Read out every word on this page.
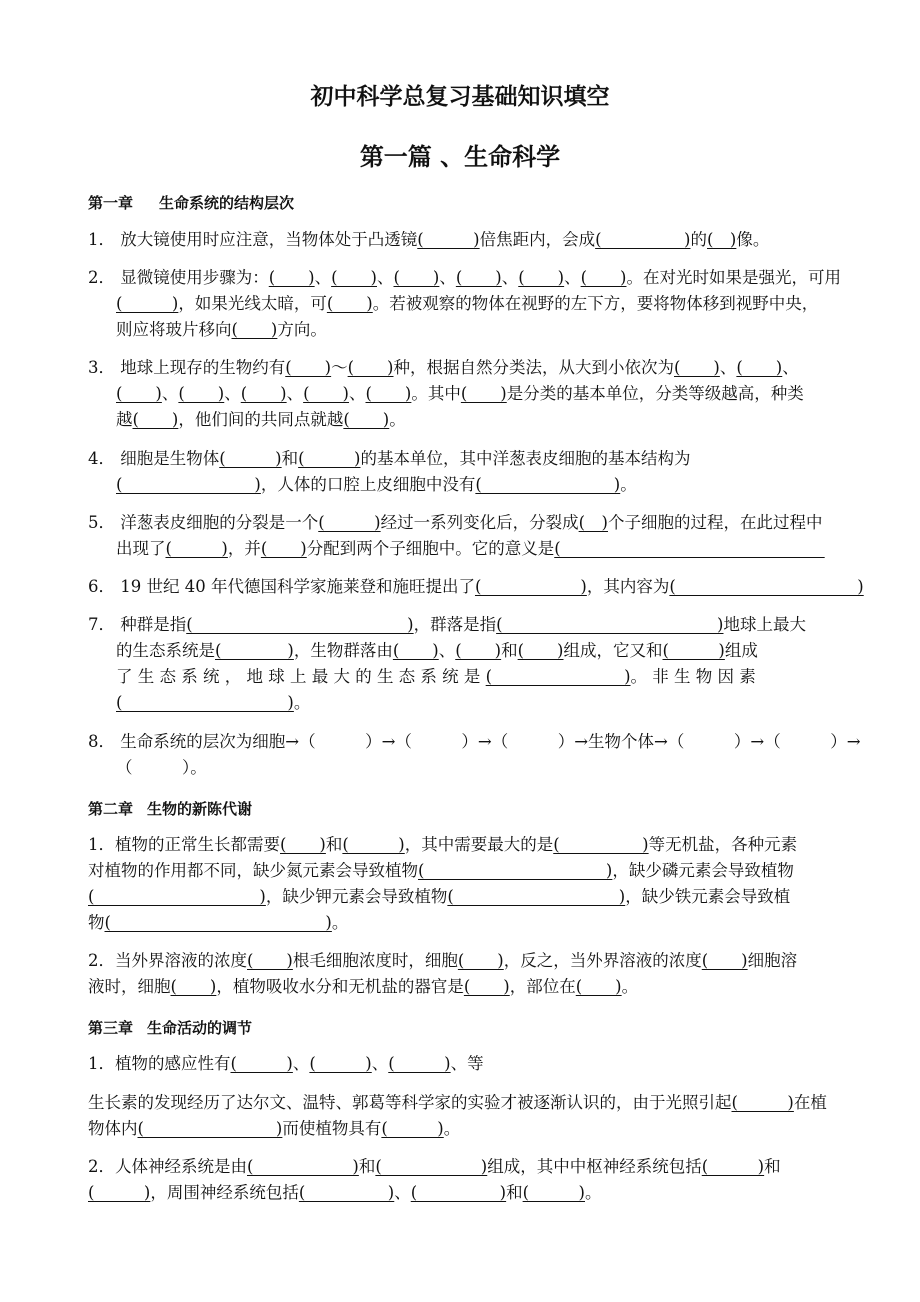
初中科学总复习基础知识填空
第一篇 、生命科学
第一章 生命系统的结构层次
1． 放大镜使用时应注意，当物体处于凸透镜(　　　)倍焦距内，会成(　　　　　)的(　)像。
2． 显微镜使用步骤为：(　　)、(　　)、(　　)、(　　)、(　　)、(　　)。在对光时如果是强光，可用
(　　　)，如果光线太暗，可(　　)。若被观察的物体在视野的左下方，要将物体移到视野中央，
则应将玻片移向(　　)方向。
3． 地球上现存的生物约有(　　)～(　　)种，根据自然分类法，从大到小依次为(　　)、(　　)、
(　　)、(　　)、(　　)、(　　)、(　　)。其中(　　)是分类的基本单位，分类等级越高，种类
越(　　)，他们间的共同点就越(　　)。
4． 细胞是生物体(　　　)和(　　　)的基本单位，其中洋葱表皮细胞的基本结构为
(　　　　　　　　)，人体的口腔上皮细胞中没有(　　　　　　　　)。
5． 洋葱表皮细胞的分裂是一个(　　　)经过一系列变化后，分裂成(　)个子细胞的过程，在此过程中
出现了(　　　)，并(　　)分配到两个子细胞中。它的意义是(　　　　　　　　　　　　　　　　
6． 19 世纪 40 年代德国科学家施莱登和施旺提出了(　　　　　　)，其内容为(　　　　　　　　　　　)
7． 种群是指(　　　　　　　　　　　　　)，群落是指(　　　　　　　　　　　　　)地球上最大
的生态系统是(　　　　)，生物群落由(　　)、(　　)和(　　)组成，它又和(　　　)组成
了 生 态 系 统 ， 地 球 上 最 大 的 生 态 系 统 是 (　　　　　　　　)。 非 生 物 因 素
(　　　　　　　　　　)。
8． 生命系统的层次为细胞→（　　　）→（　　　）→（　　　）→生物个体→（　　　）→（　　　）→
（　　　）。
第二章 生物的新陈代谢
1．植物的正常生长都需要(　　)和(　　　)，其中需要最大的是(　　　　　)等无机盐，各种元素
对植物的作用都不同，缺少氮元素会导致植物(　　　　　　　　　　　)，缺少磷元素会导致植物
(　　　　　　　　　　)，缺少钾元素会导致植物(　　　　　　　　　　)，缺少铁元素会导致植
物(　　　　　　　　　　　　　)。
2．当外界溶液的浓度(　　)根毛细胞浓度时，细胞(　　)，反之，当外界溶液的浓度(　　)细胞溶
液时，细胞(　　)，植物吸收水分和无机盐的器官是(　　)，部位在(　　)。
第三章 生命活动的调节
1．植物的感应性有(　　　)、(　　　)、(　　　)、等
生长素的发现经历了达尔文、温特、郭葛等科学家的实验才被逐渐认识的，由于光照引起(　　　)在植
物体内(　　　　　　　　)而使植物具有(　　　)。
2．人体神经系统是由(　　　　　　)和(　　　　　　)组成，其中中枢神经系统包括(　　　)和
(　　　)，周围神经系统包括(　　　　　)、(　　　　　)和(　　　)。
